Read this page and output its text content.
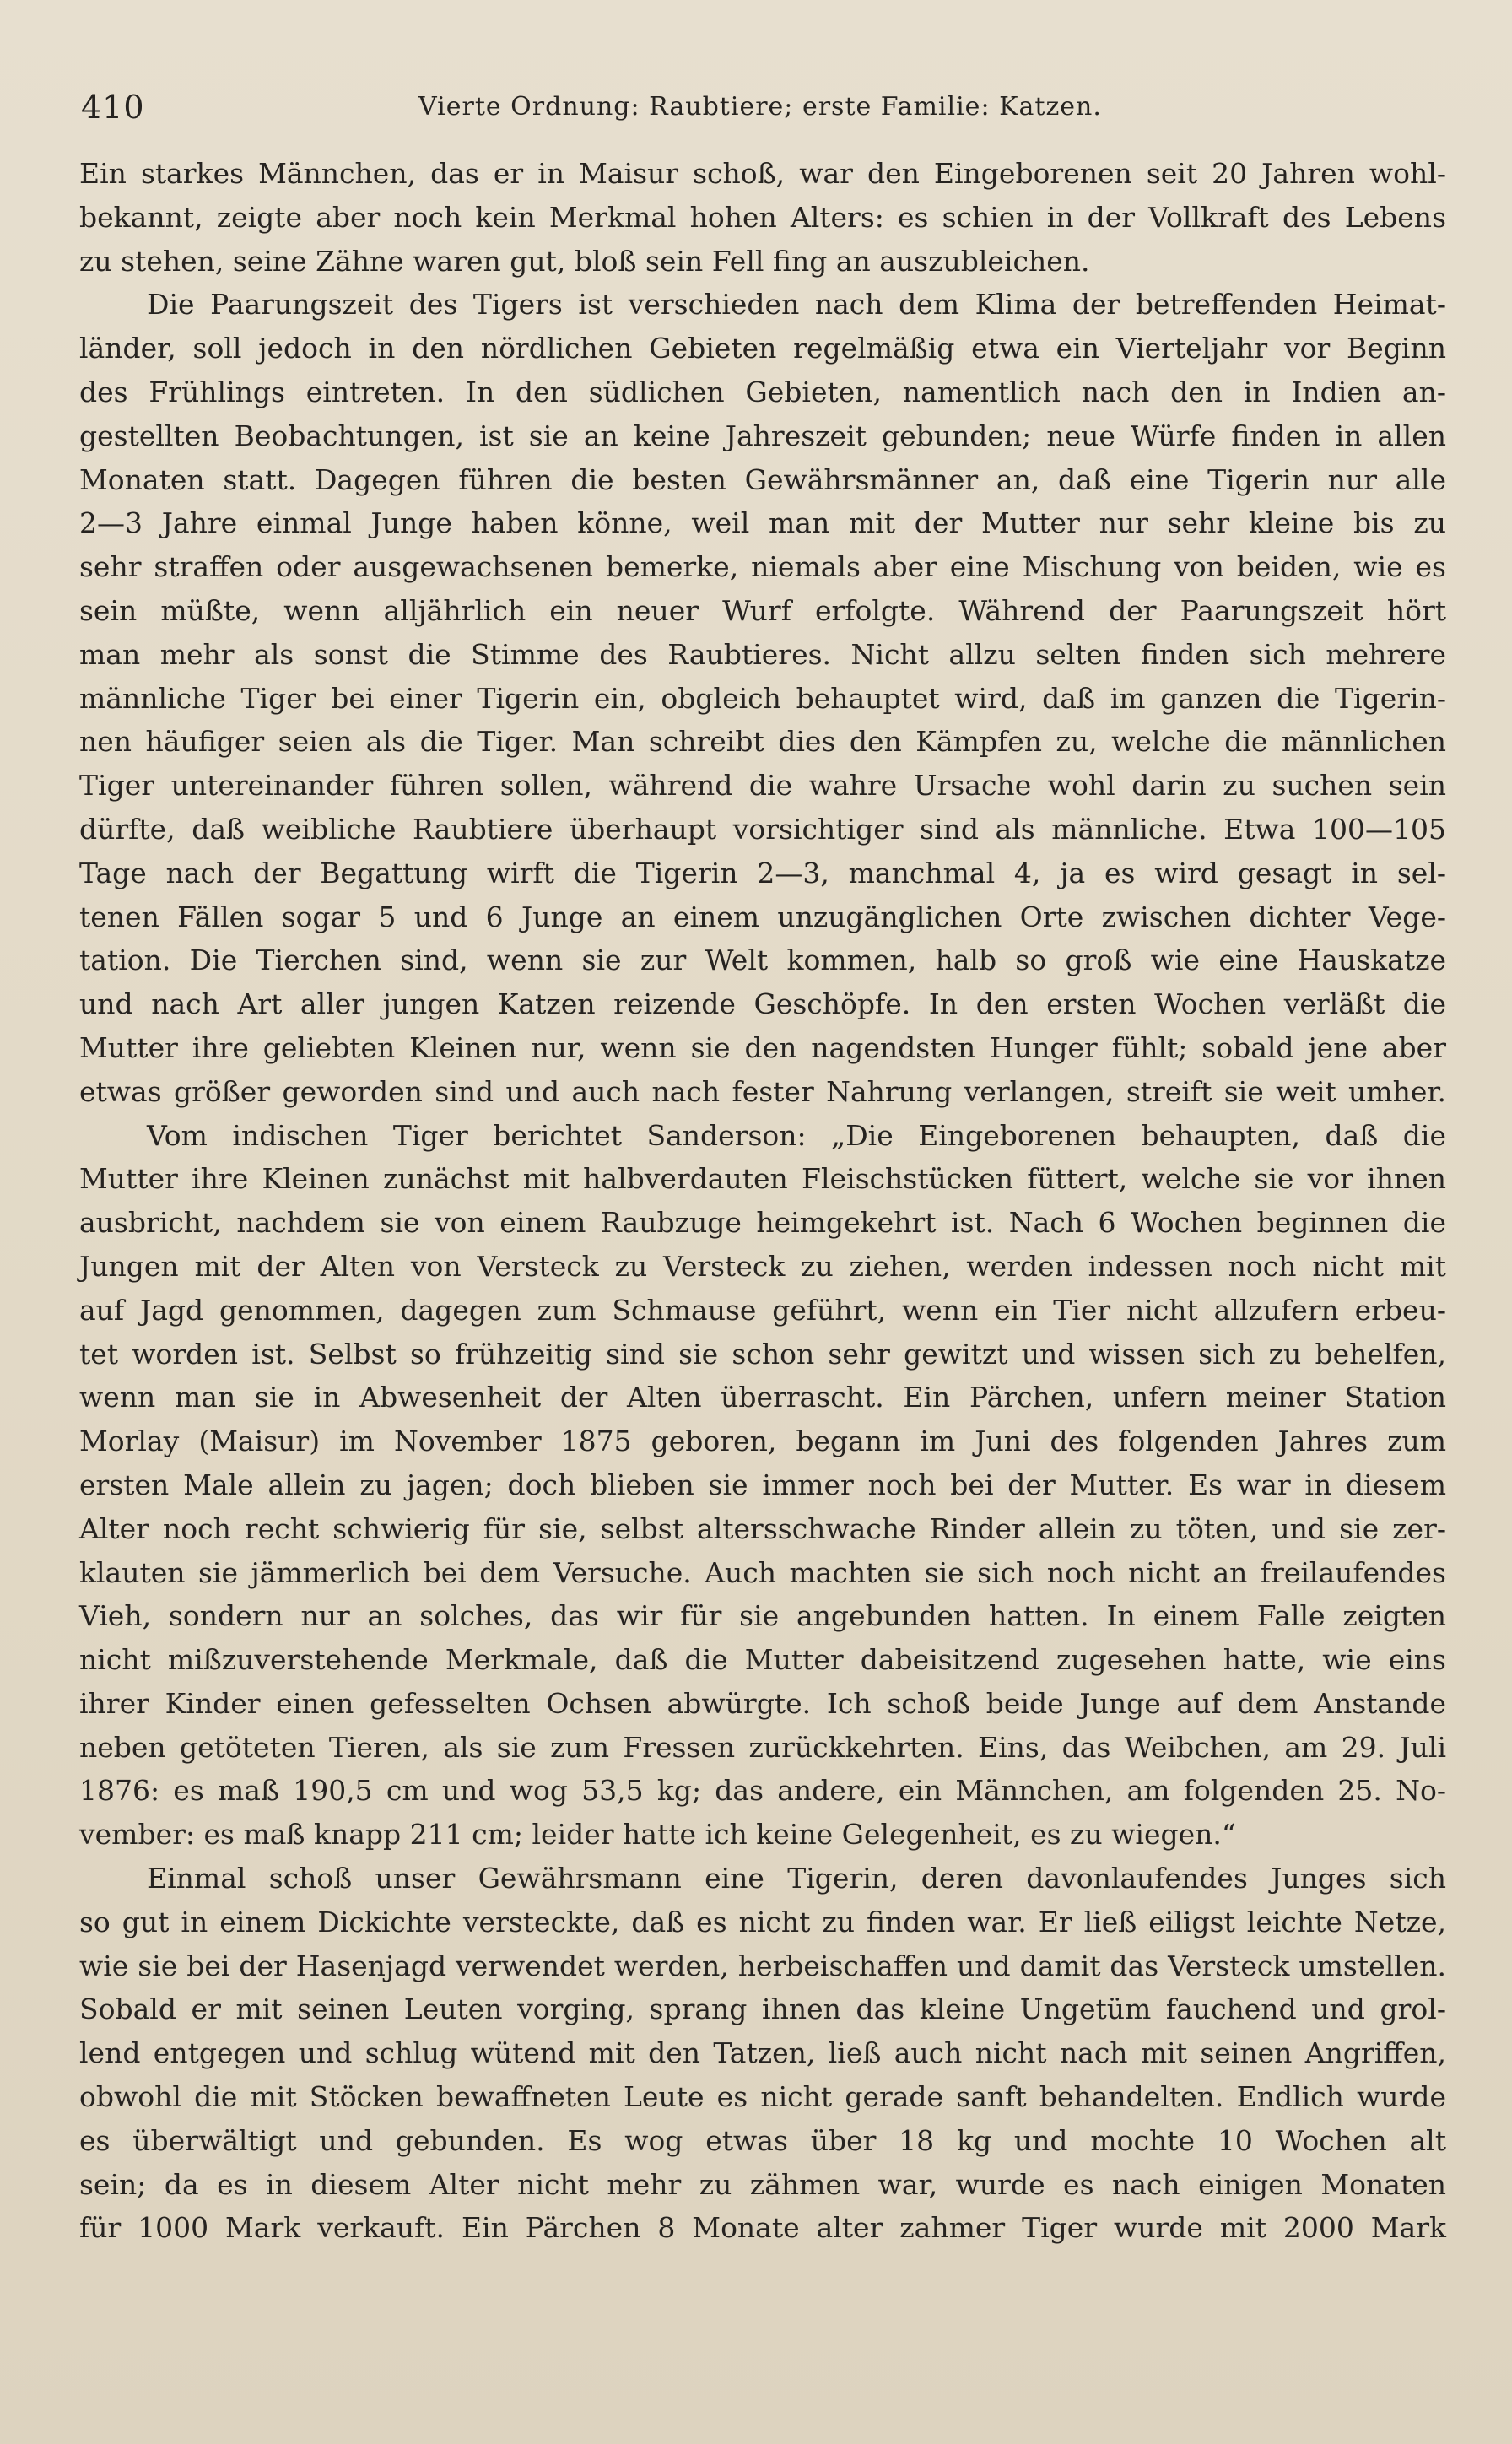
410	Vierte Ordnung: Raubtiere; erste Familie: Katzen.

Ein starkes Männchen, das er in Maisur schoß, war den Eingeborenen seit 20 Jahren wohl-
bekannt, zeigte aber noch kein Merkmal hohen Alters: es schien in der Vollkraft des Lebens
zu stehen, seine Zähne waren gut, bloß sein Fell fing an auszubleichen.

Die Paarungszeit des Tigers ist verschieden nach dem Klima der betreffenden Heimat-
länder, soll jedoch in den nördlichen Gebieten regelmäßig etwa ein Vierteljahr vor Beginn
des Frühlings eintreten. In den südlichen Gebieten, namentlich nach den in Indien an-
gestellten Beobachtungen, ist sie an keine Jahreszeit gebunden; neue Würfe finden in allen
Monaten statt. Dagegen führen die besten Gewährsmänner an, daß eine Tigerin nur alle
2—3 Jahre einmal Junge haben könne, weil man mit der Mutter nur sehr kleine bis zu
sehr straffen oder ausgewachsenen bemerke, niemals aber eine Mischung von beiden, wie es
sein müßte, wenn alljährlich ein neuer Wurf erfolgte. Während der Paarungszeit hört
man mehr als sonst die Stimme des Raubtieres. Nicht allzu selten finden sich mehrere
männliche Tiger bei einer Tigerin ein, obgleich behauptet wird, daß im ganzen die Tigerin-
nen häufiger seien als die Tiger. Man schreibt dies den Kämpfen zu, welche die männlichen
Tiger untereinander führen sollen, während die wahre Ursache wohl darin zu suchen sein
dürfte, daß weibliche Raubtiere überhaupt vorsichtiger sind als männliche. Etwa 100—105
Tage nach der Begattung wirft die Tigerin 2—3, manchmal 4, ja es wird gesagt in sel-
tenen Fällen sogar 5 und 6 Junge an einem unzugänglichen Orte zwischen dichter Vege-
tation. Die Tierchen sind, wenn sie zur Welt kommen, halb so groß wie eine Hauskatze
und nach Art aller jungen Katzen reizende Geschöpfe. In den ersten Wochen verläßt die
Mutter ihre geliebten Kleinen nur, wenn sie den nagendsten Hunger fühlt; sobald jene aber
etwas größer geworden sind und auch nach fester Nahrung verlangen, streift sie weit umher.

Vom indischen Tiger berichtet Sanderson: „Die Eingeborenen behaupten, daß die
Mutter ihre Kleinen zunächst mit halbverdauten Fleischstücken füttert, welche sie vor ihnen
ausbricht, nachdem sie von einem Raubzuge heimgekehrt ist. Nach 6 Wochen beginnen die
Jungen mit der Alten von Versteck zu Versteck zu ziehen, werden indessen noch nicht mit
auf Jagd genommen, dagegen zum Schmause geführt, wenn ein Tier nicht allzufern erbeu-
tet worden ist. Selbst so frühzeitig sind sie schon sehr gewitzt und wissen sich zu behelfen,
wenn man sie in Abwesenheit der Alten überrascht. Ein Pärchen, unfern meiner Station
Morlay (Maisur) im November 1875 geboren, begann im Juni des folgenden Jahres zum
ersten Male allein zu jagen; doch blieben sie immer noch bei der Mutter. Es war in diesem
Alter noch recht schwierig für sie, selbst altersschwache Rinder allein zu töten, und sie zer-
klauten sie jämmerlich bei dem Versuche. Auch machten sie sich noch nicht an freilaufendes
Vieh, sondern nur an solches, das wir für sie angebunden hatten. In einem Falle zeigten
nicht mißzuverstehende Merkmale, daß die Mutter dabeisitzend zugesehen hatte, wie eins
ihrer Kinder einen gefesselten Ochsen abwürgte. Ich schoß beide Junge auf dem Anstande
neben getöteten Tieren, als sie zum Fressen zurückkehrten. Eins, das Weibchen, am 29. Juli
1876: es maß 190,5 cm und wog 53,5 kg; das andere, ein Männchen, am folgenden 25. No-
vember: es maß knapp 211 cm; leider hatte ich keine Gelegenheit, es zu wiegen.“

Einmal schoß unser Gewährsmann eine Tigerin, deren davonlaufendes Junges sich
so gut in einem Dickichte versteckte, daß es nicht zu finden war. Er ließ eiligst leichte Netze,
wie sie bei der Hasenjagd verwendet werden, herbeischaffen und damit das Versteck umstellen.
Sobald er mit seinen Leuten vorging, sprang ihnen das kleine Ungetüm fauchend und grol-
lend entgegen und schlug wütend mit den Tatzen, ließ auch nicht nach mit seinen Angriffen,
obwohl die mit Stöcken bewaffneten Leute es nicht gerade sanft behandelten. Endlich wurde
es überwältigt und gebunden. Es wog etwas über 18 kg und mochte 10 Wochen alt
sein; da es in diesem Alter nicht mehr zu zähmen war, wurde es nach einigen Monaten
für 1000 Mark verkauft. Ein Pärchen 8 Monate alter zahmer Tiger wurde mit 2000 Mark
